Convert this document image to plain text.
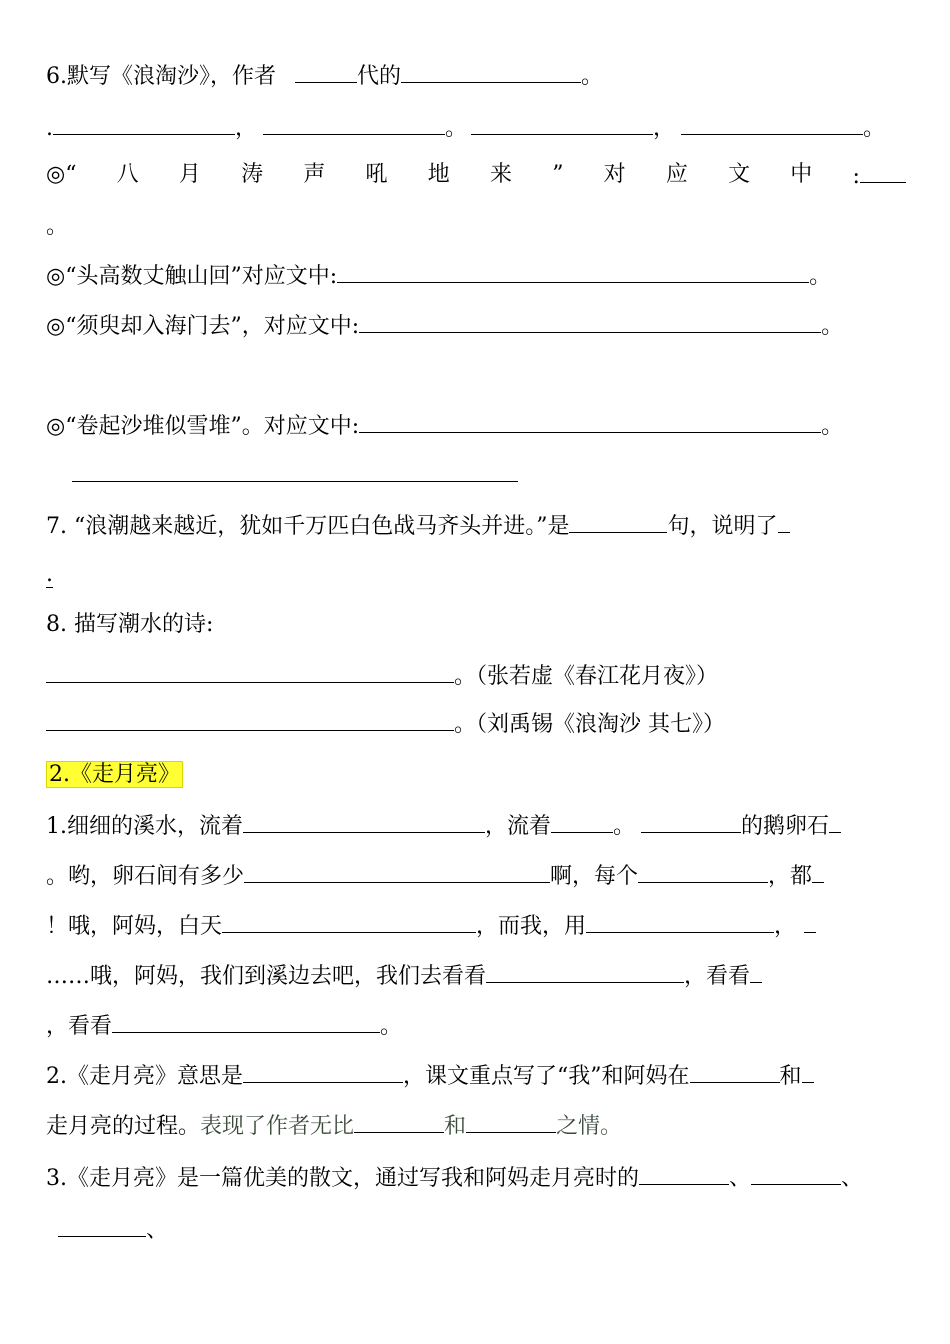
6.默写《浪淘沙》，作者	代的	。
.	，	。	，	。
◎“ 八 月 涛 声 吼 地 来 ” 对 应 文 中 :
。
◎“头高数丈触山回”对应文中:	。
◎“须臾却入海门去”，对应文中:	。
◎“卷起沙堆似雪堆”。对应文中:	。
7. “浪潮越来越近，犹如千万匹白色战马齐头并进。”是	句，说明了
.
8. 描写潮水的诗:
。（张若虚《春江花月夜》）
。（刘禹锡《浪淘沙 其七》）
2.《走月亮》
1.细细的溪水，流着	，流着	。	的鹅卵石
。哟，卵石间有多少	啊，每个	，都
！哦，阿妈，白天	，而我，用	，
……哦，阿妈，我们到溪边去吧，我们去看看	，看看
，看看	。
2.《走月亮》意思是	，课文重点写了“我”和阿妈在	和
走月亮的过程。表现了作者无比	和	之情。
3.《走月亮》是一篇优美的散文，通过写我和阿妈走月亮时的	、	、
、
